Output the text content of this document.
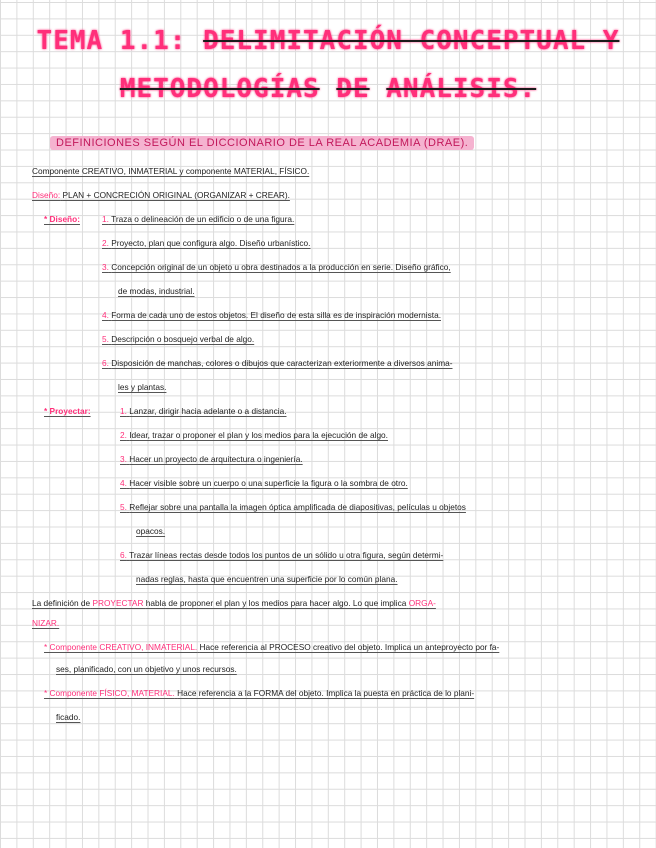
TEMA 1.1: DELIMITACIÓN CONCEPTUAL Y
METODOLOGÍAS DE ANÁLISIS.
DEFINICIONES SEGÚN EL DICCIONARIO DE LA REAL ACADEMIA (DRAE).
Componente CREATIVO, INMATERIAL y componente MATERIAL, FÍSICO.
Diseño: PLAN + CONCRECIÓN ORIGINAL (ORGANIZAR + CREAR).
* Diseño:	1. Traza o delineación de un edificio o de una figura.
2. Proyecto, plan que configura algo. Diseño urbanístico.
3. Concepción original de un objeto u obra destinados a la producción en serie. Diseño gráfico,
de modas, industrial.
4. Forma de cada uno de estos objetos. El diseño de esta silla es de inspiración modernista.
5. Descripción o bosquejo verbal de algo.
6. Disposición de manchas, colores o dibujos que caracterizan exteriormente a diversos anima-
les y plantas.
* Proyectar:	1. Lanzar, dirigir hacia adelante o a distancia.
2. Idear, trazar o proponer el plan y los medios para la ejecución de algo.
3. Hacer un proyecto de arquitectura o ingeniería.
4. Hacer visible sobre un cuerpo o una superficie la figura o la sombra de otro.
5. Reflejar sobre una pantalla la imagen óptica amplificada de diapositivas, películas u objetos
opacos.
6. Trazar líneas rectas desde todos los puntos de un sólido u otra figura, según determi-
nadas reglas, hasta que encuentren una superficie por lo común plana.
La definición de PROYECTAR habla de proponer el plan y los medios para hacer algo. Lo que implica ORGA-
NIZAR.
* Componente CREATIVO, INMATERIAL. Hace referencia al PROCESO creativo del objeto. Implica un anteproyecto por fa-
ses, planificado, con un objetivo y unos recursos.
* Componente FÍSICO, MATERIAL. Hace referencia a la FORMA del objeto. Implica la puesta en práctica de lo plani-
ficado.
